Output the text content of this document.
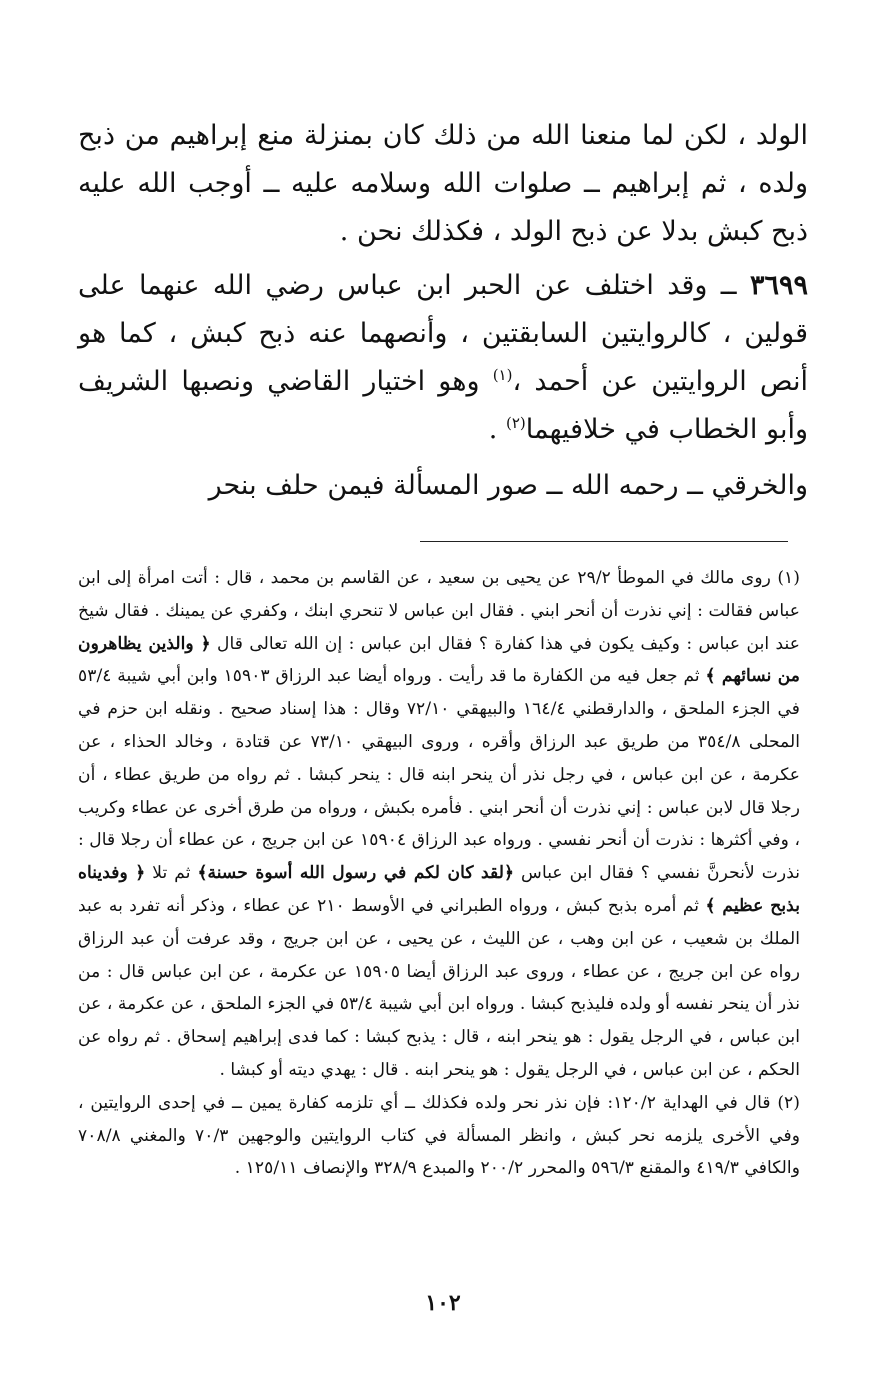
الولد ، لكن لما منعنا الله من ذلك كان بمنزلة منع إبراهيم من ذبح ولده ، ثم إبراهيم ــ صلوات الله وسلامه عليه ــ أوجب الله عليه ذبح كبش بدلا عن ذبح الولد ، فكذلك نحن .

٣٦٩٩ ــ وقد اختلف عن الحبر ابن عباس رضي الله عنهما على قولين ، كالروايتين السابقتين ، وأنصهما عنه ذبح كبش ، كما هو أنص الروايتين عن أحمد ،$^{(١)}$ وهو اختيار القاضي ونصبها الشريف وأبو الخطاب في خلافيهما$^{(٢)}$ .

والخرقي ــ رحمه الله ــ صور المسألة فيمن حلف بنحر

(١) روى مالك في الموطأ ٢٩/٢ عن يحيى بن سعيد ، عن القاسم بن محمد ، قال : أتت امرأة إلى ابن عباس فقالت : إني نذرت أن أنحر ابني . فقال ابن عباس لا تنحري ابنك ، وكفري عن يمينك . فقال شيخ عند ابن عباس : وكيف يكون في هذا كفارة ؟ فقال ابن عباس : إن الله تعالى قال ﴿ والذين يظاهرون من نسائهم ﴾ ثم جعل فيه من الكفارة ما قد رأيت . ورواه أيضا عبد الرزاق ١٥٩٠٣ وابن أبي شيبة ٥٣/٤ في الجزء الملحق ، والدارقطني ١٦٤/٤ والبيهقي ٧٢/١٠ وقال : هذا إسناد صحيح . ونقله ابن حزم في المحلى ٣٥٤/٨ من طريق عبد الرزاق وأقره ، وروى البيهقي ٧٣/١٠ عن قتادة ، وخالد الحذاء ، عن عكرمة ، عن ابن عباس ، في رجل نذر أن ينحر ابنه قال : ينحر كبشا . ثم رواه من طريق عطاء ، أن رجلا قال لابن عباس : إني نذرت أن أنحر ابني . فأمره بكبش ، ورواه من طرق أخرى عن عطاء وكريب ، وفي أكثرها : نذرت أن أنحر نفسي . ورواه عبد الرزاق ١٥٩٠٤ عن ابن جريج ، عن عطاء أن رجلا قال : نذرت لأنحرنَّ نفسي ؟ فقال ابن عباس ﴿لقد كان لكم في رسول الله أسوة حسنة﴾ ثم تلا ﴿ وفديناه بذبح عظيم ﴾ ثم أمره بذبح كبش ، ورواه الطبراني في الأوسط ٢١٠ عن عطاء ، وذكر أنه تفرد به عبد الملك بن شعيب ، عن ابن وهب ، عن الليث ، عن يحيى ، عن ابن جريج ، وقد عرفت أن عبد الرزاق رواه عن ابن جريج ، عن عطاء ، وروى عبد الرزاق أيضا ١٥٩٠٥ عن عكرمة ، عن ابن عباس قال : من نذر أن ينحر نفسه أو ولده فليذبح كبشا . ورواه ابن أبي شيبة ٥٣/٤ في الجزء الملحق ، عن عكرمة ، عن ابن عباس ، في الرجل يقول : هو ينحر ابنه ، قال : يذبح كبشا : كما فدى إبراهيم إسحاق . ثم رواه عن الحكم ، عن ابن عباس ، في الرجل يقول : هو ينحر ابنه . قال : يهدي ديته أو كبشا .

(٢) قال في الهداية ١٢٠/٢: فإن نذر نحر ولده فكذلك ــ أي تلزمه كفارة يمين ــ في إحدى الروايتين ، وفي الأخرى يلزمه نحر كبش ، وانظر المسألة في كتاب الروايتين والوجهين ٧٠/٣ والمغني ٧٠٨/٨ والكافي ٤١٩/٣ والمقنع ٥٩٦/٣ والمحرر ٢٠٠/٢ والمبدع ٣٢٨/٩ والإنصاف ١٢٥/١١ .

١٠٢
